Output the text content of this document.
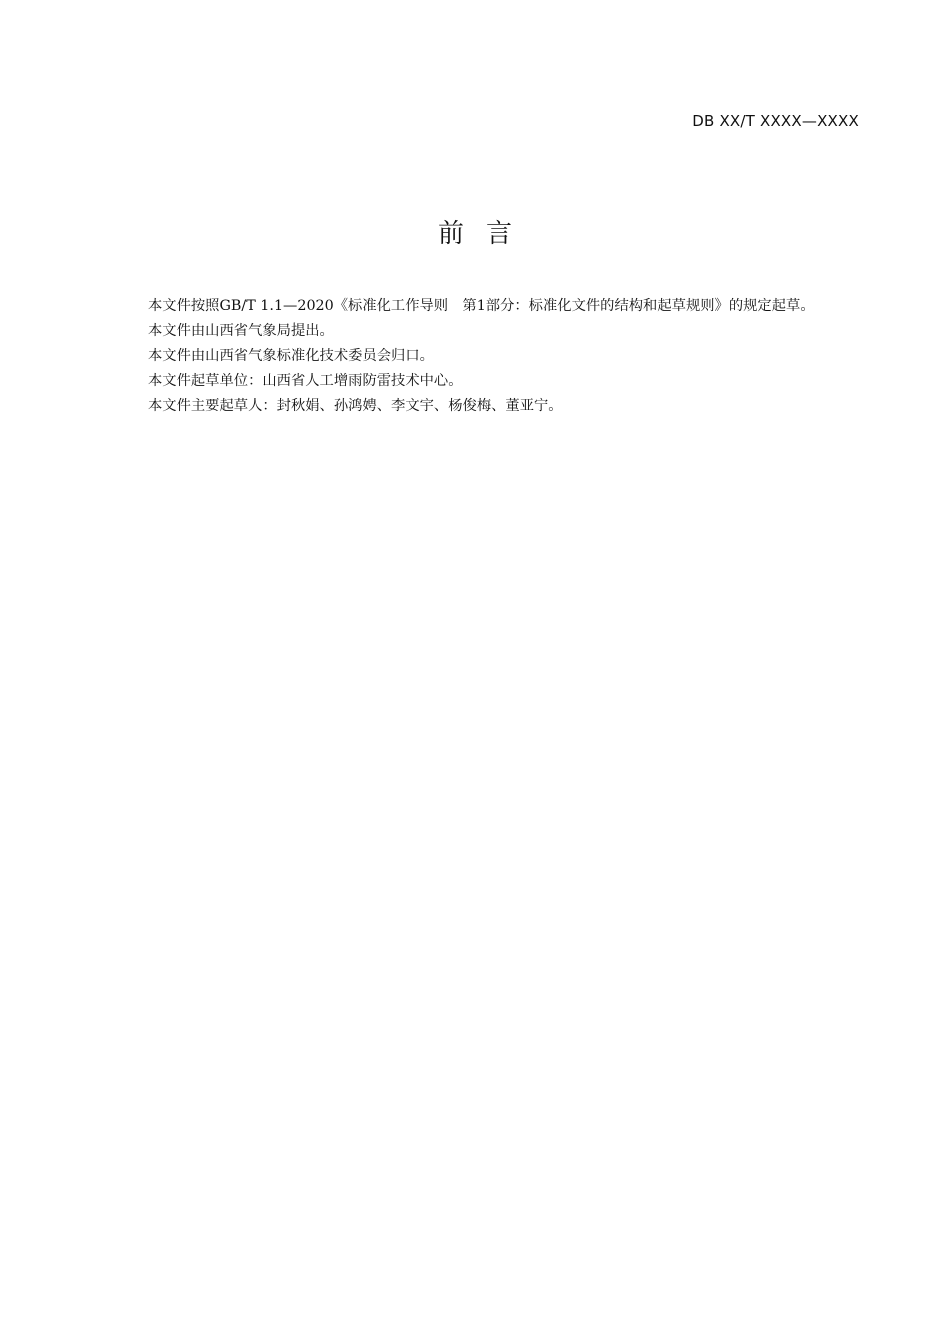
DB XX/T XXXX—XXXX
前言

本文件按照GB/T 1.1—2020《标准化工作导则　第1部分：标准化文件的结构和起草规则》的规定起草。

本文件由山西省气象局提出。

本文件由山西省气象标准化技术委员会归口。

本文件起草单位：山西省人工增雨防雷技术中心。

本文件主要起草人：封秋娟、孙鸿娉、李文宇、杨俊梅、董亚宁。
